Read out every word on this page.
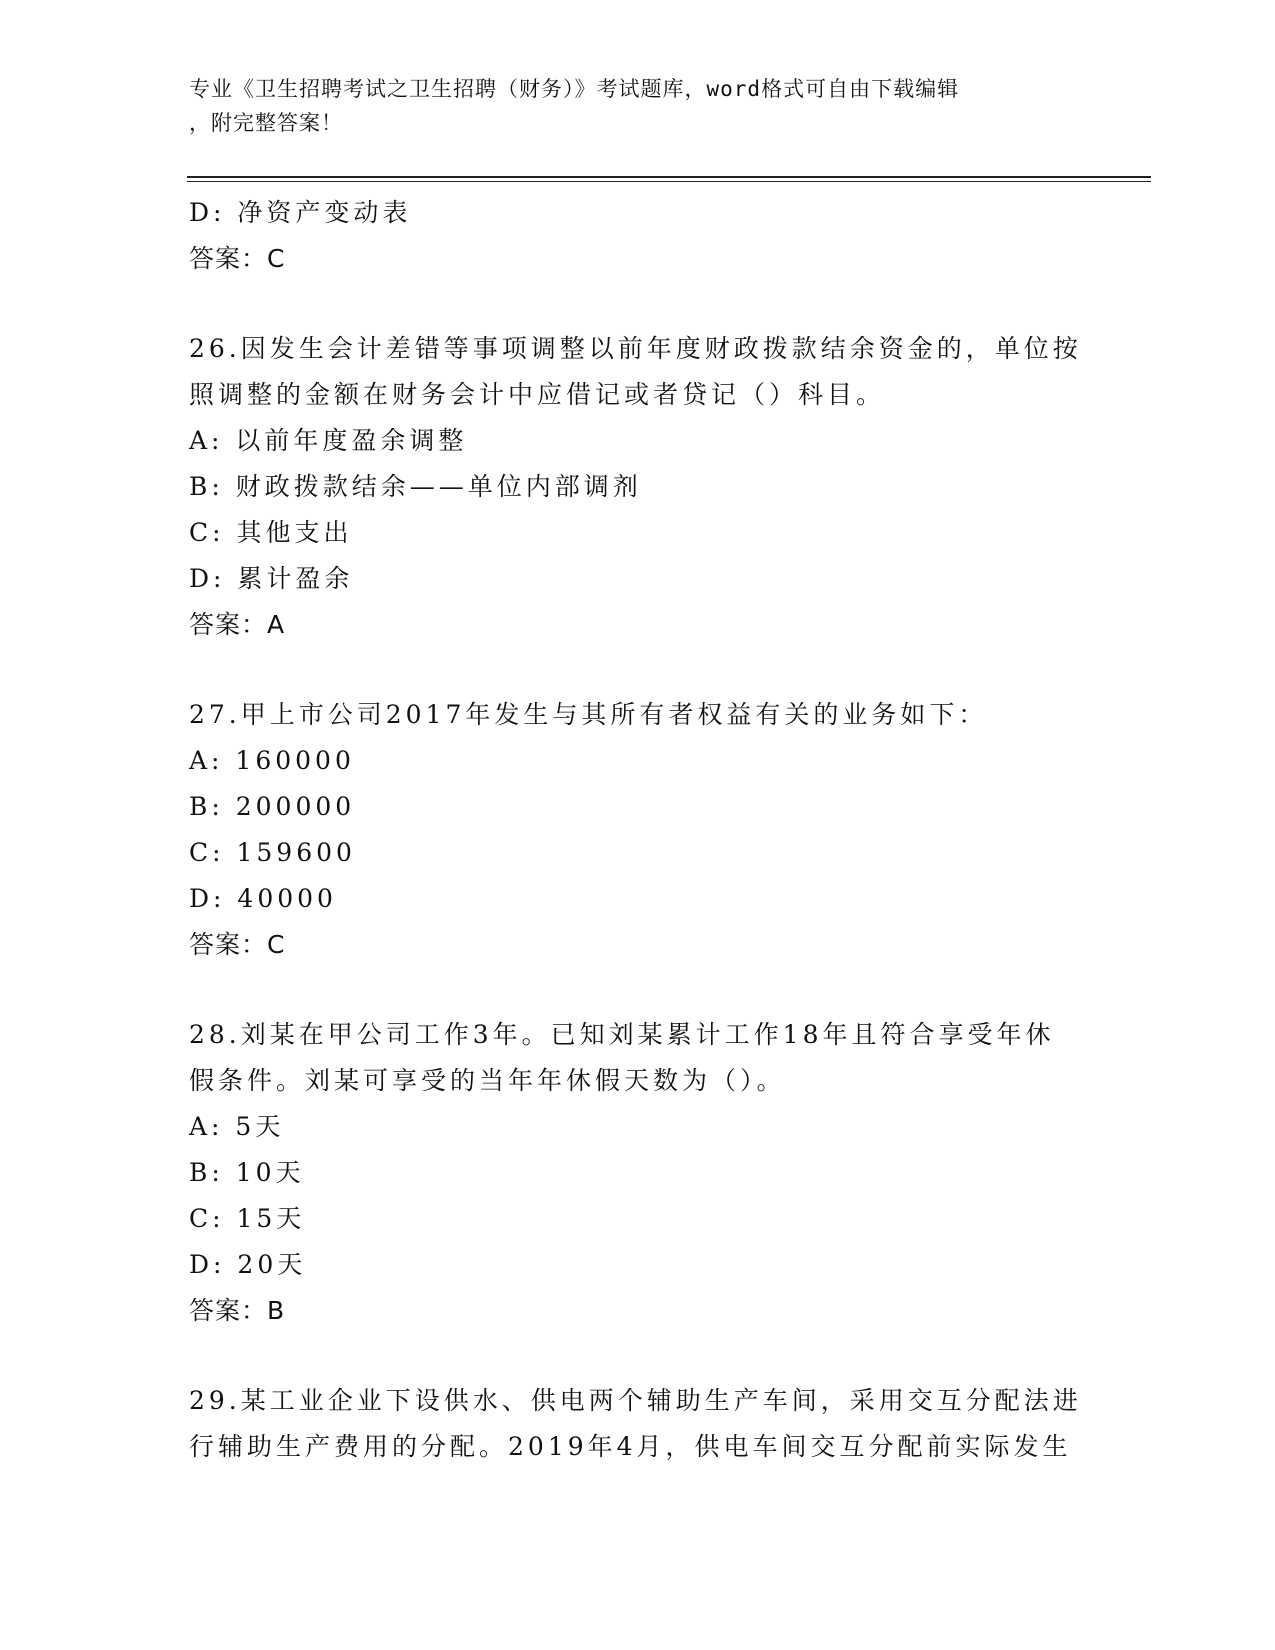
专业《卫生招聘考试之卫生招聘（财务）》考试题库，word格式可自由下载编辑
，附完整答案！
D: 净资产变动表
答案：C
26.因发生会计差错等事项调整以前年度财政拨款结余资金的，单位按
照调整的金额在财务会计中应借记或者贷记（）科目。
A: 以前年度盈余调整
B: 财政拨款结余——单位内部调剂
C: 其他支出
D: 累计盈余
答案：A
27.甲上市公司2017年发生与其所有者权益有关的业务如下：
A: 160000
B: 200000
C: 159600
D: 40000
答案：C
28.刘某在甲公司工作3年。已知刘某累计工作18年且符合享受年休
假条件。刘某可享受的当年年休假天数为（）。
A: 5天
B: 10天
C: 15天
D: 20天
答案：B
29.某工业企业下设供水、供电两个辅助生产车间，采用交互分配法进
行辅助生产费用的分配。2019年4月，供电车间交互分配前实际发生
